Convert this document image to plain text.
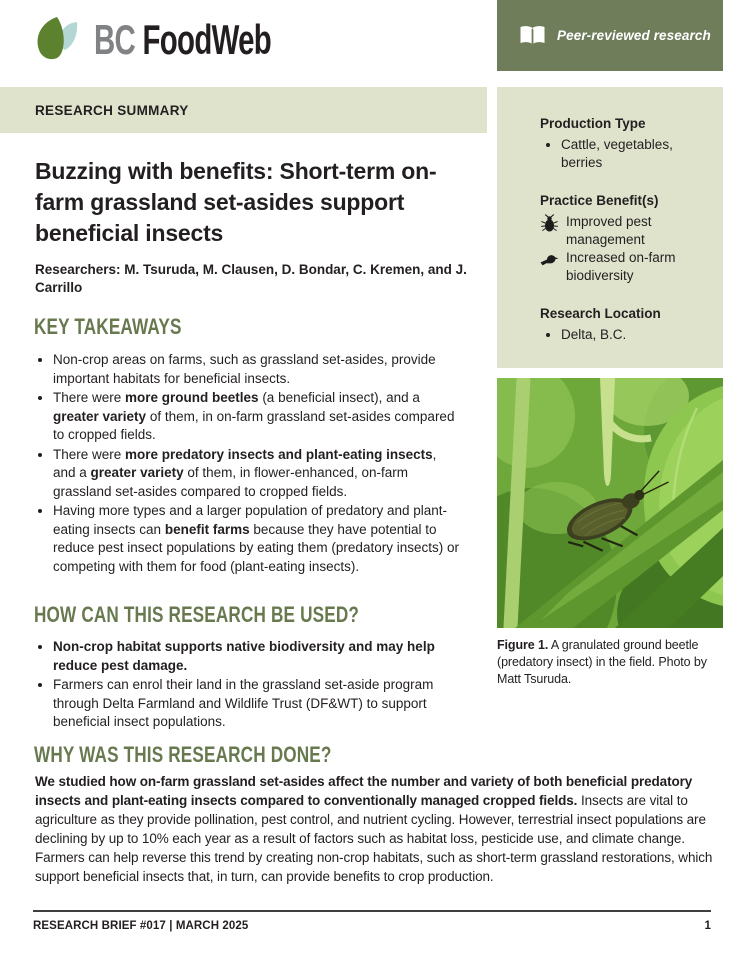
BC FoodWeb	Peer-reviewed research
RESEARCH SUMMARY
Buzzing with benefits: Short-term on-farm grassland set-asides support beneficial insects
Researchers: M. Tsuruda, M. Clausen, D. Bondar, C. Kremen, and J. Carrillo
KEY TAKEAWAYS
• Non-crop areas on farms, such as grassland set-asides, provide important habitats for beneficial insects.
• There were more ground beetles (a beneficial insect), and a greater variety of them, in on-farm grassland set-asides compared to cropped fields.
• There were more predatory insects and plant-eating insects, and a greater variety of them, in flower-enhanced, on-farm grassland set-asides compared to cropped fields.
• Having more types and a larger population of predatory and plant-eating insects can benefit farms because they have potential to reduce pest insect populations by eating them (predatory insects) or competing with them for food (plant-eating insects).
HOW CAN THIS RESEARCH BE USED?
• Non-crop habitat supports native biodiversity and may help reduce pest damage.
• Farmers can enrol their land in the grassland set-aside program through Delta Farmland and Wildlife Trust (DF&WT) to support beneficial insect populations.
WHY WAS THIS RESEARCH DONE?

We studied how on-farm grassland set-asides affect the number and variety of both beneficial predatory insects and plant-eating insects compared to conventionally managed cropped fields. Insects are vital to agriculture as they provide pollination, pest control, and nutrient cycling. However, terrestrial insect populations are declining by up to 10% each year as a result of factors such as habitat loss, pesticide use, and climate change. Farmers can help reverse this trend by creating non-crop habitats, such as short-term grassland restorations, which support beneficial insects that, in turn, can provide benefits to crop production.

Production Type
• Cattle, vegetables, berries
Practice Benefit(s)
Improved pest management
Increased on-farm biodiversity
Research Location
• Delta, B.C.

Figure 1. A granulated ground beetle (predatory insect) in the field. Photo by Matt Tsuruda.

RESEARCH BRIEF #017 | MARCH 2025	1
